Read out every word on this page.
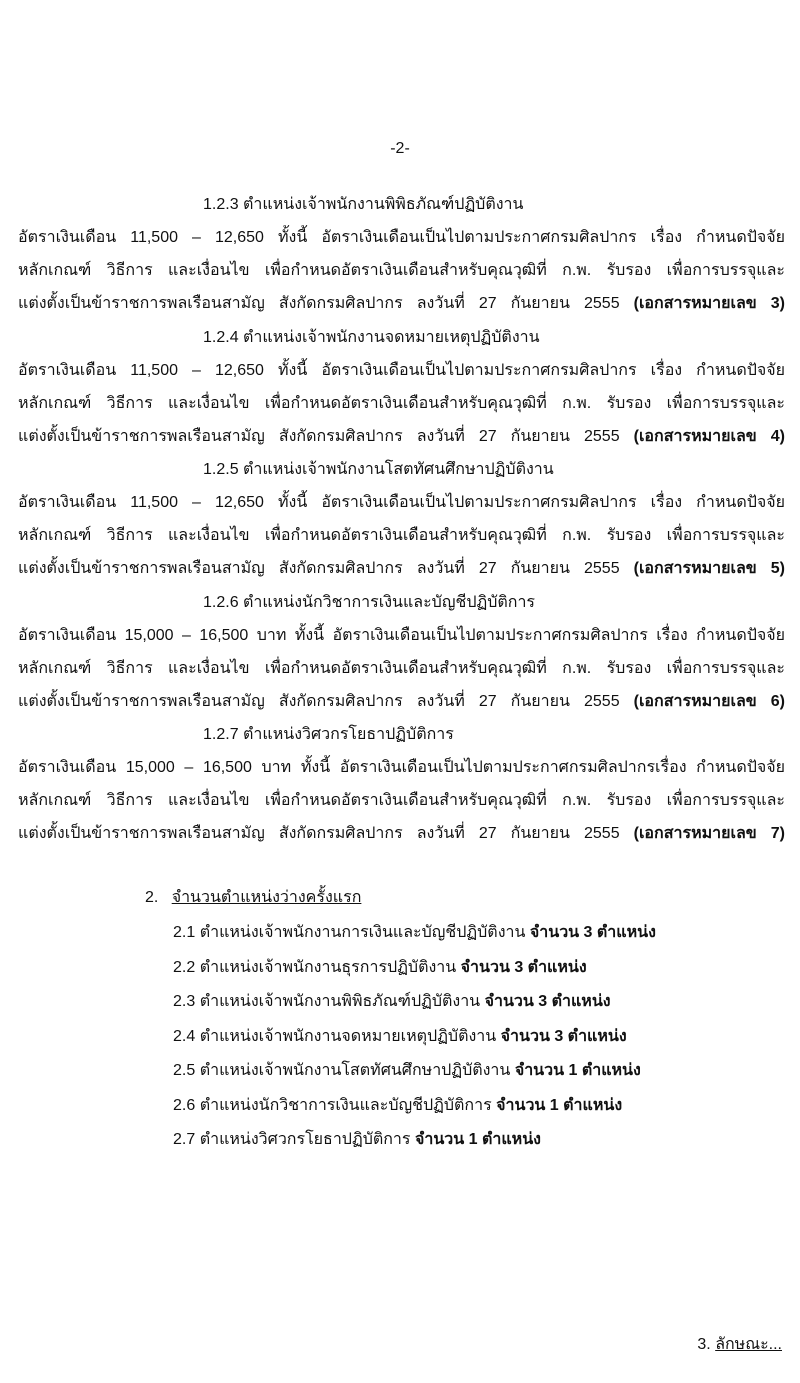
-2-
1.2.3 ตำแหน่งเจ้าพนักงานพิพิธภัณฑ์ปฏิบัติงาน
อัตราเงินเดือน 11,500 – 12,650 ทั้งนี้ อัตราเงินเดือนเป็นไปตามประกาศกรมศิลปากร เรื่อง กำหนดปัจจัย
หลักเกณฑ์ วิธีการ และเงื่อนไข เพื่อกำหนดอัตราเงินเดือนสำหรับคุณวุฒิที่ ก.พ. รับรอง เพื่อการบรรจุและ
แต่งตั้งเป็นข้าราชการพลเรือนสามัญ สังกัดกรมศิลปากร ลงวันที่ 27 กันยายน 2555 (เอกสารหมายเลข 3)
1.2.4 ตำแหน่งเจ้าพนักงานจดหมายเหตุปฏิบัติงาน
อัตราเงินเดือน 11,500 – 12,650 ทั้งนี้ อัตราเงินเดือนเป็นไปตามประกาศกรมศิลปากร เรื่อง กำหนดปัจจัย
หลักเกณฑ์ วิธีการ และเงื่อนไข เพื่อกำหนดอัตราเงินเดือนสำหรับคุณวุฒิที่ ก.พ. รับรอง เพื่อการบรรจุและ
แต่งตั้งเป็นข้าราชการพลเรือนสามัญ สังกัดกรมศิลปากร ลงวันที่ 27 กันยายน 2555 (เอกสารหมายเลข 4)
1.2.5 ตำแหน่งเจ้าพนักงานโสตทัศนศึกษาปฏิบัติงาน
อัตราเงินเดือน 11,500 – 12,650 ทั้งนี้ อัตราเงินเดือนเป็นไปตามประกาศกรมศิลปากร เรื่อง กำหนดปัจจัย
หลักเกณฑ์ วิธีการ และเงื่อนไข เพื่อกำหนดอัตราเงินเดือนสำหรับคุณวุฒิที่ ก.พ. รับรอง เพื่อการบรรจุและ
แต่งตั้งเป็นข้าราชการพลเรือนสามัญ สังกัดกรมศิลปากร ลงวันที่ 27 กันยายน 2555 (เอกสารหมายเลข 5)
1.2.6 ตำแหน่งนักวิชาการเงินและบัญชีปฏิบัติการ
อัตราเงินเดือน 15,000 – 16,500 บาท ทั้งนี้ อัตราเงินเดือนเป็นไปตามประกาศกรมศิลปากร เรื่อง กำหนดปัจจัย
หลักเกณฑ์ วิธีการ และเงื่อนไข เพื่อกำหนดอัตราเงินเดือนสำหรับคุณวุฒิที่ ก.พ. รับรอง เพื่อการบรรจุและ
แต่งตั้งเป็นข้าราชการพลเรือนสามัญ สังกัดกรมศิลปากร ลงวันที่ 27 กันยายน 2555 (เอกสารหมายเลข 6)
1.2.7 ตำแหน่งวิศวกรโยธาปฏิบัติการ
อัตราเงินเดือน 15,000 – 16,500 บาท ทั้งนี้ อัตราเงินเดือนเป็นไปตามประกาศกรมศิลปากรเรื่อง กำหนดปัจจัย
หลักเกณฑ์ วิธีการ และเงื่อนไข เพื่อกำหนดอัตราเงินเดือนสำหรับคุณวุฒิที่ ก.พ. รับรอง เพื่อการบรรจุและ
แต่งตั้งเป็นข้าราชการพลเรือนสามัญ สังกัดกรมศิลปากร ลงวันที่ 27 กันยายน 2555 (เอกสารหมายเลข 7)
2. จำนวนตำแหน่งว่างครั้งแรก
2.1 ตำแหน่งเจ้าพนักงานการเงินและบัญชีปฏิบัติงาน จำนวน 3 ตำแหน่ง
2.2 ตำแหน่งเจ้าพนักงานธุรการปฏิบัติงาน จำนวน 3 ตำแหน่ง
2.3 ตำแหน่งเจ้าพนักงานพิพิธภัณฑ์ปฏิบัติงาน จำนวน 3 ตำแหน่ง
2.4 ตำแหน่งเจ้าพนักงานจดหมายเหตุปฏิบัติงาน จำนวน 3 ตำแหน่ง
2.5 ตำแหน่งเจ้าพนักงานโสตทัศนศึกษาปฏิบัติงาน จำนวน 1 ตำแหน่ง
2.6 ตำแหน่งนักวิชาการเงินและบัญชีปฏิบัติการ จำนวน 1 ตำแหน่ง
2.7 ตำแหน่งวิศวกรโยธาปฏิบัติการ จำนวน 1 ตำแหน่ง
3. ลักษณะ...
